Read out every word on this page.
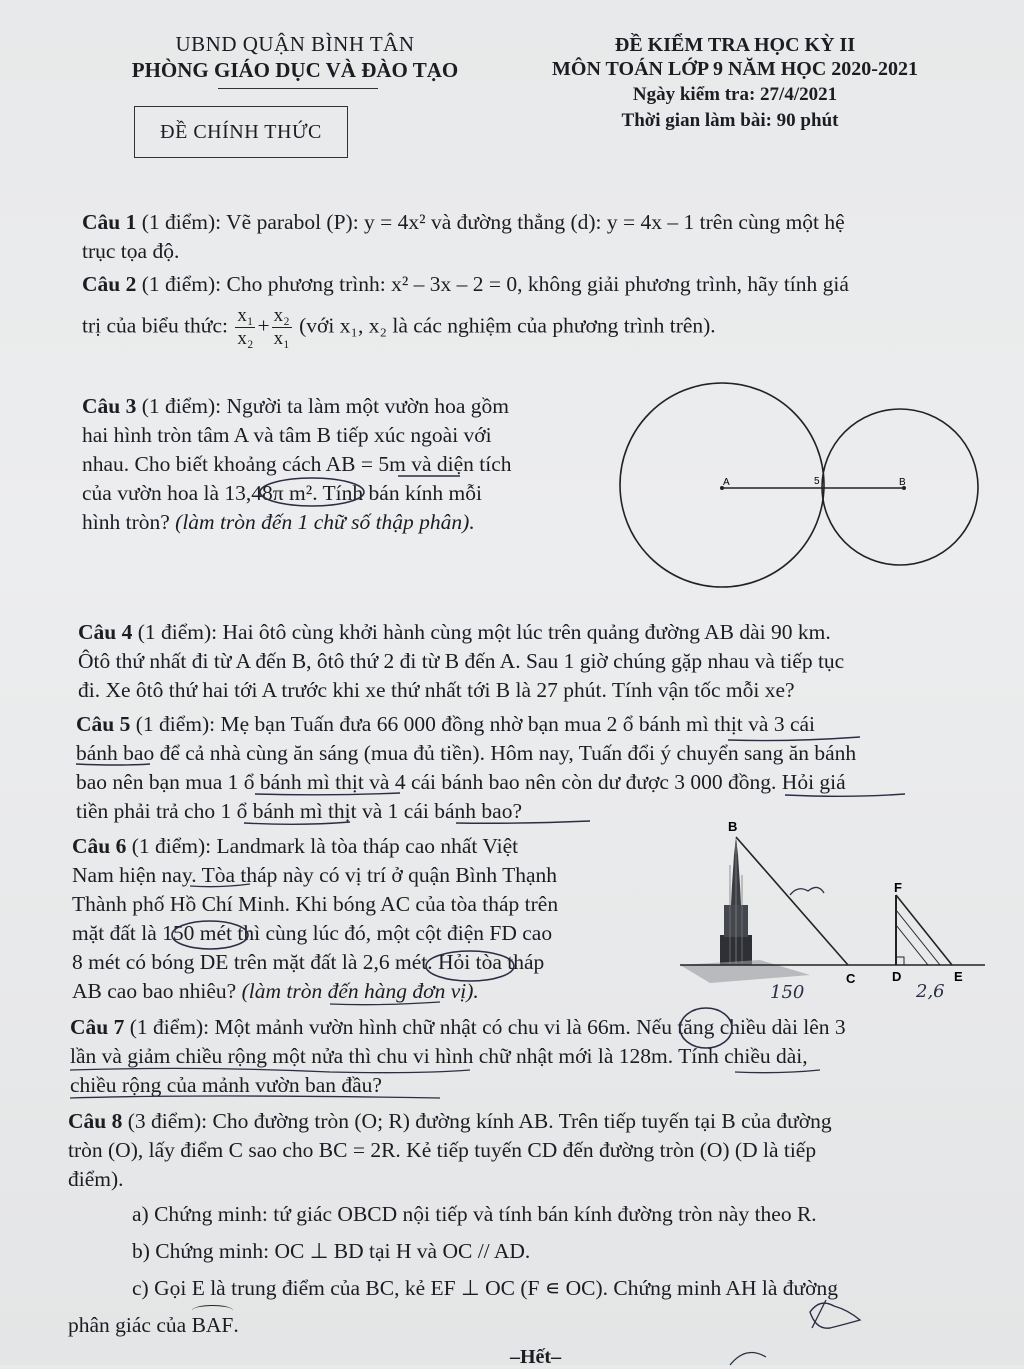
UBND QUẬN BÌNH TÂN
PHÒNG GIÁO DỤC VÀ ĐÀO TẠO
ĐỀ CHÍNH THỨC
ĐỀ KIỂM TRA HỌC KỲ II
MÔN TOÁN LỚP 9 NĂM HỌC 2020-2021
Ngày kiểm tra: 27/4/2021
Thời gian làm bài: 90 phút
Câu 1 (1 điểm): Vẽ parabol (P): y = 4x² và đường thẳng (d): y = 4x – 1 trên cùng một hệ
trục tọa độ.
Câu 2 (1 điểm): Cho phương trình: x² – 3x – 2 = 0, không giải phương trình, hãy tính giá
trị của biểu thức: $\frac{\text{x₁}}{\text{x₂}} + \frac{\text{x₂}}{\text{x₁}}$ (với x₁, x₂ là các nghiệm của phương trình trên).
Câu 3 (1 điểm): Người ta làm một vườn hoa gồm
hai hình tròn tâm A và tâm B tiếp xúc ngoài với
nhau. Cho biết khoảng cách AB = 5m và diện tích
của vườn hoa là 13,48π m². Tính bán kính mỗi
hình tròn? (làm tròn đến 1 chữ số thập phân).
A	B
5
Câu 4 (1 điểm): Hai ôtô cùng khởi hành cùng một lúc trên quảng đường AB dài 90 km.
Ôtô thứ nhất đi từ A đến B, ôtô thứ 2 đi từ B đến A. Sau 1 giờ chúng gặp nhau và tiếp tục
đi. Xe ôtô thứ hai tới A trước khi xe thứ nhất tới B là 27 phút. Tính vận tốc mỗi xe?
Câu 5 (1 điểm): Mẹ bạn Tuấn đưa 66 000 đồng nhờ bạn mua 2 ổ bánh mì thịt và 3 cái
bánh bao để cả nhà cùng ăn sáng (mua đủ tiền). Hôm nay, Tuấn đổi ý chuyển sang ăn bánh
bao nên bạn mua 1 ổ bánh mì thịt và 4 cái bánh bao nên còn dư được 3 000 đồng. Hỏi giá
tiền phải trả cho 1 ổ bánh mì thịt và 1 cái bánh bao?
Câu 6 (1 điểm): Landmark là tòa tháp cao nhất Việt
Nam hiện nay. Tòa tháp này có vị trí ở quận Bình Thạnh
Thành phố Hồ Chí Minh. Khi bóng AC của tòa tháp trên
mặt đất là 150 mét thì cùng lúc đó, một cột điện FD cao
8 mét có bóng DE trên mặt đất là 2,6 mét. Hỏi tòa tháp
AB cao bao nhiêu? (làm tròn đến hàng đơn vị).
B
C
F
D	E
150	2,6
Câu 7 (1 điểm): Một mảnh vườn hình chữ nhật có chu vi là 66m. Nếu tăng chiều dài lên 3
lần và giảm chiều rộng một nửa thì chu vi hình chữ nhật mới là 128m. Tính chiều dài,
chiều rộng của mảnh vườn ban đầu?
Câu 8 (3 điểm): Cho đường tròn (O; R) đường kính AB. Trên tiếp tuyến tại B của đường
tròn (O), lấy điểm C sao cho BC = 2R. Kẻ tiếp tuyến CD đến đường tròn (O) (D là tiếp
điểm).
a) Chứng minh: tứ giác OBCD nội tiếp và tính bán kính đường tròn này theo R.
b) Chứng minh: OC ⊥ BD tại H và OC // AD.
c) Gọi E là trung điểm của BC, kẻ EF ⊥ OC (F ∊ OC). Chứng minh AH là đường
phân giác của BAF.
–Hết–
